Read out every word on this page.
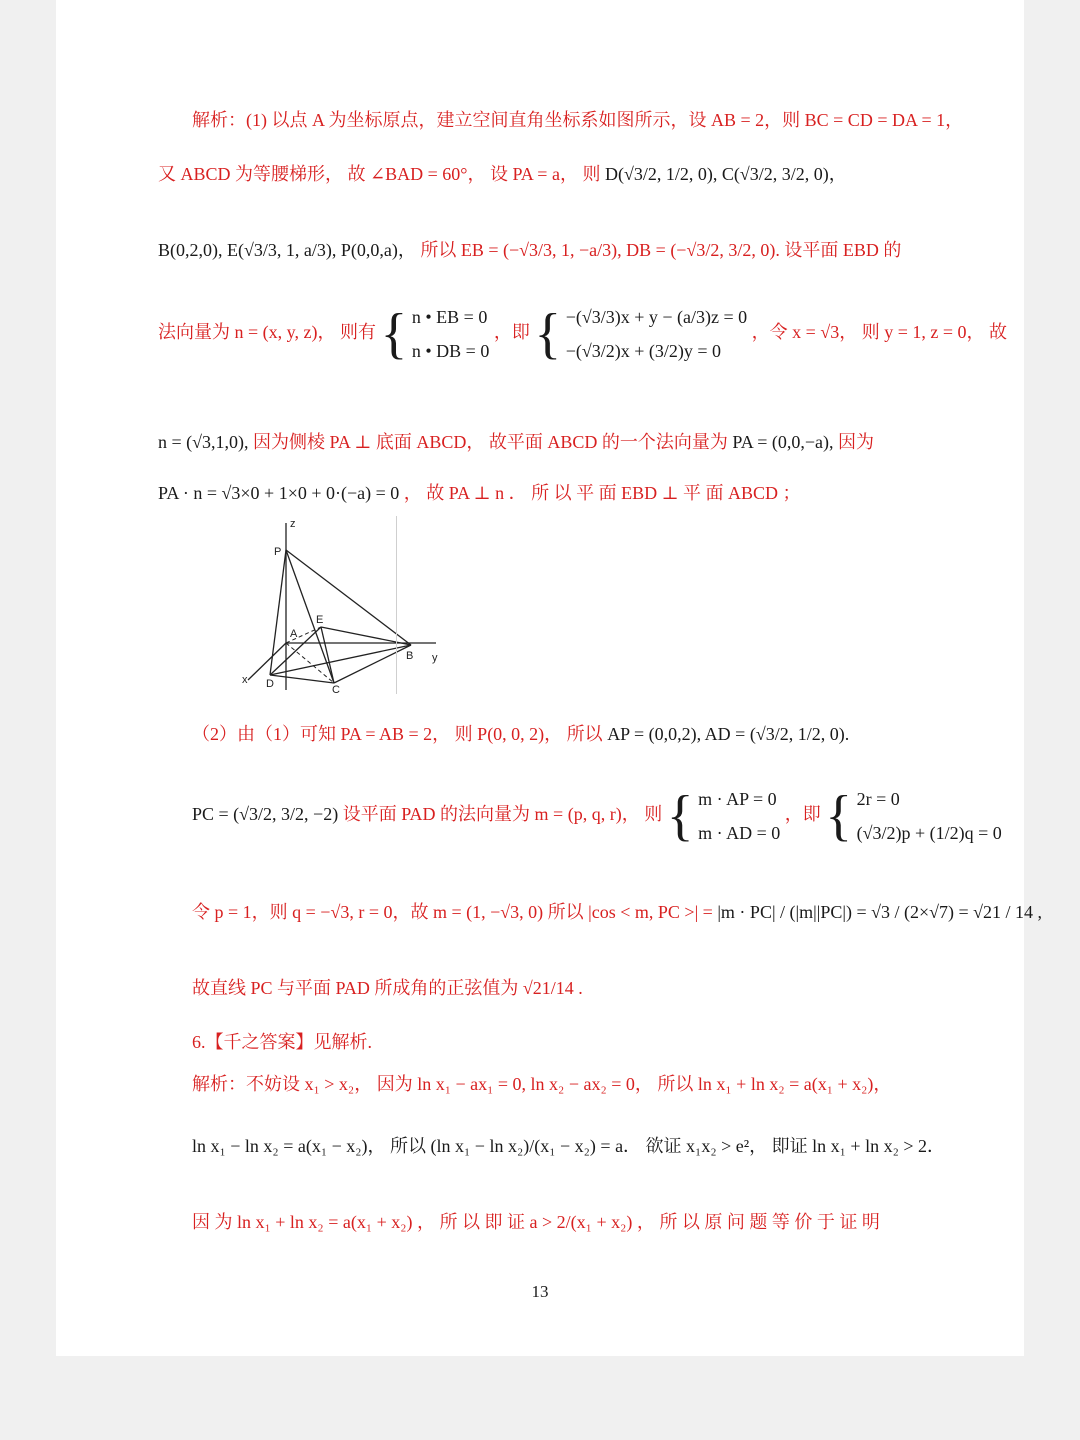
解析：(1) 以点 A 为坐标原点，建立空间直角坐标系如图所示，设 AB = 2，则 BC = CD = DA = 1，
又 ABCD 为等腰梯形， 故 ∠BAD = 60°， 设 PA = a， 则 D(√3/2, 1/2, 0), C(√3/2, 3/2, 0)，
B(0,2,0), E(√3/3, 1, a/3), P(0,0,a)， 所以 EB = (−√3/3, 1, −a/3), DB = (−√3/2, 3/2, 0). 设平面 EBD 的
法向量为 n = (x, y, z)， 则有 { n • EB = 0
n • DB = 0
，即 { −(√3/3)x + y − (a/3)z = 0
−(√3/2)x + (3/2)y = 0
，令 x = √3， 则 y = 1, z = 0， 故
n = (√3,1,0), 因为侧棱 PA ⊥ 底面 ABCD， 故平面 ABCD 的一个法向量为 PA = (0,0,−a), 因为
PA · n = √3×0 + 1×0 + 0·(−a) = 0 ， 故 PA ⊥ n ． 所 以 平 面 EBD ⊥ 平 面 ABCD ；
z
P
A
E
B y
x D	C
（2）由（1）可知 PA = AB = 2， 则 P(0, 0, 2)， 所以 AP = (0,0,2), AD = (√3/2, 1/2, 0).
PC = (√3/2, 3/2, −2) 设平面 PAD 的法向量为 m = (p, q, r)， 则 { m · AP = 0
m · AD = 0
，即 { 2r = 0
(√3/2)p + (1/2)q = 0
令 p = 1，则 q = −√3, r = 0，故 m = (1, −√3, 0) 所以 |cos < m, PC >| = |m · PC| / (|m||PC|) = √3 / (2×√7) = √21 / 14 ,
故直线 PC 与平面 PAD 所成角的正弦值为 √21/14 .
6.【千之答案】见解析.
解析：不妨设 x₁ > x₂， 因为 ln x₁ − ax₁ = 0, ln x₂ − ax₂ = 0， 所以 ln x₁ + ln x₂ = a(x₁ + x₂)，
ln x₁ − ln x₂ = a(x₁ − x₂)， 所以 (ln x₁ − ln x₂)/(x₁ − x₂) = a． 欲证 x₁x₂ > e²， 即证 ln x₁ + ln x₂ > 2．
因 为 ln x₁ + ln x₂ = a(x₁ + x₂) ， 所 以 即 证 a > 2/(x₁ + x₂) ， 所 以 原 问 题 等 价 于 证 明
13
